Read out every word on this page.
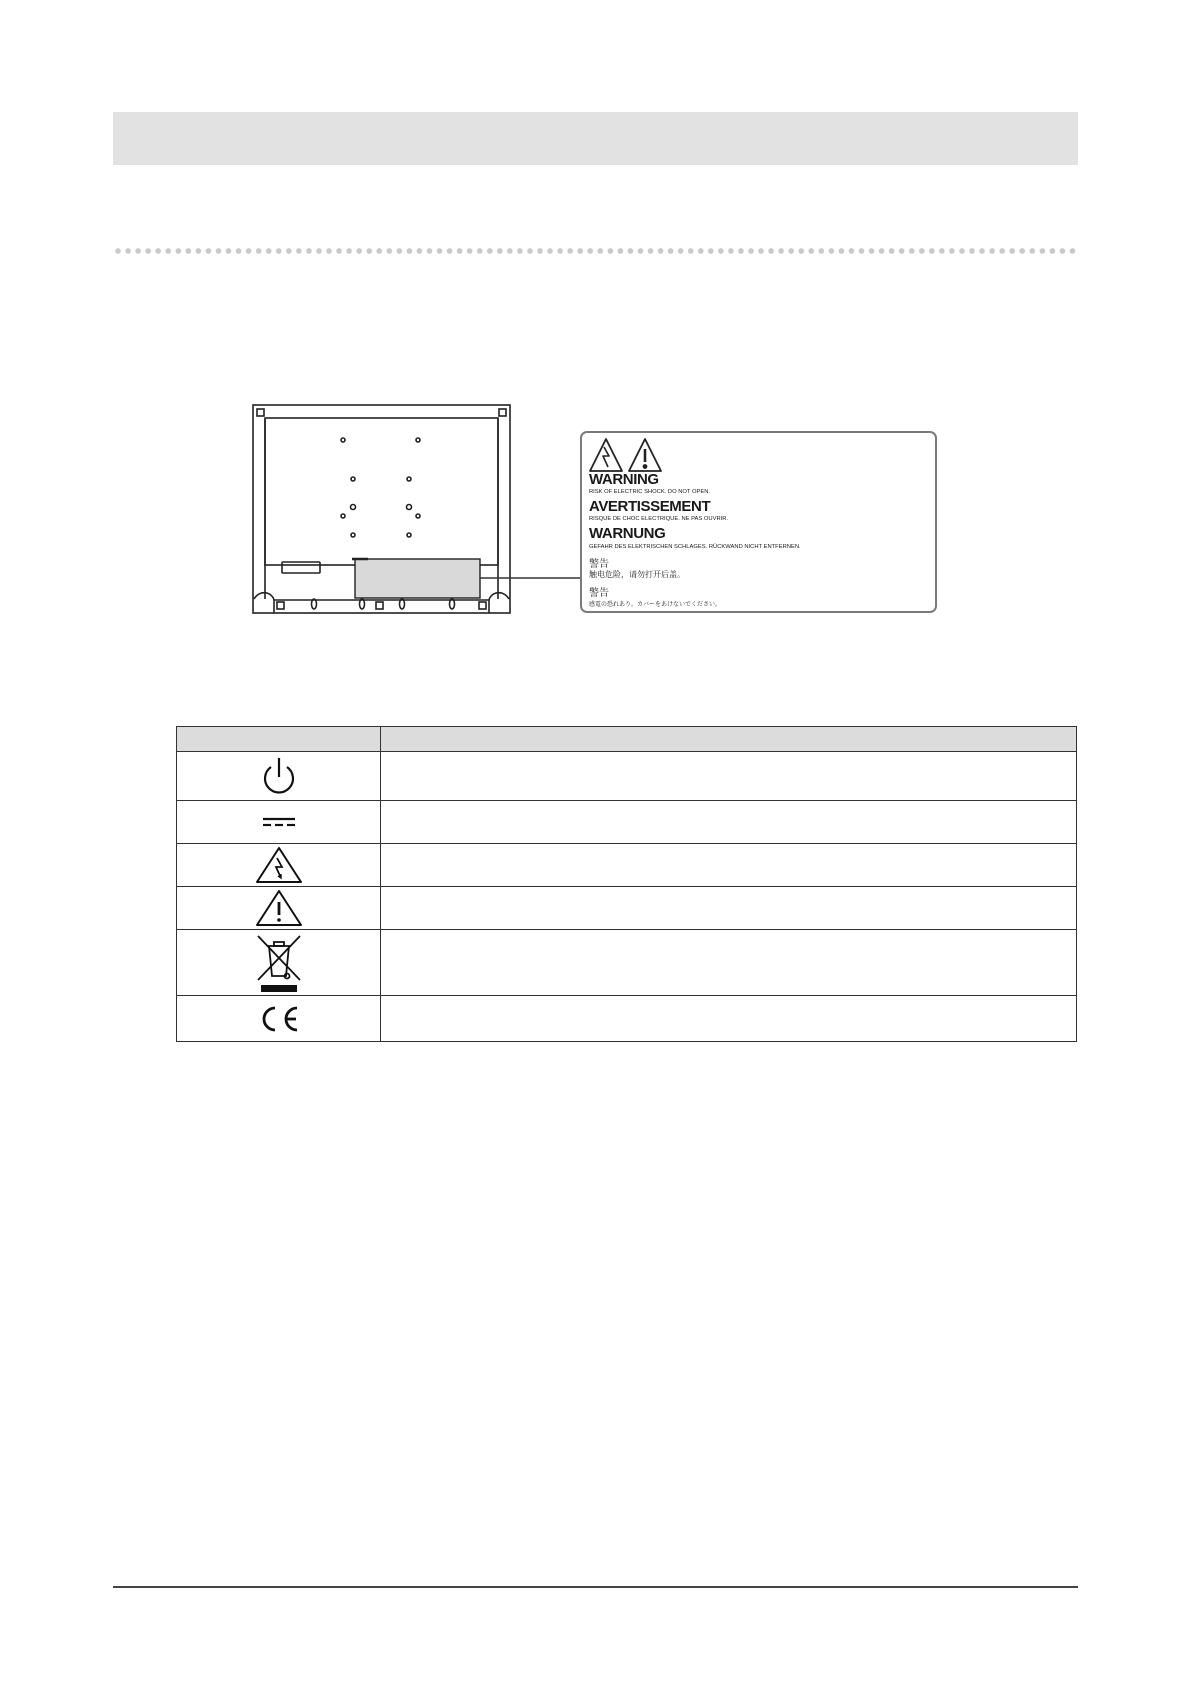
WARNING
RISK OF ELECTRIC SHOCK. DO NOT OPEN.
AVERTISSEMENT
RISQUE DE CHOC ELECTRIQUE. NE PAS OUVRIR.
WARNUNG
GEFAHR DES ELEKTRISCHEN SCHLAGES. RÜCKWAND NICHT ENTFERNEN.
警告
触电危险，请勿打开后盖。
警告
感電の恐れあり。カバーをあけないでください。
